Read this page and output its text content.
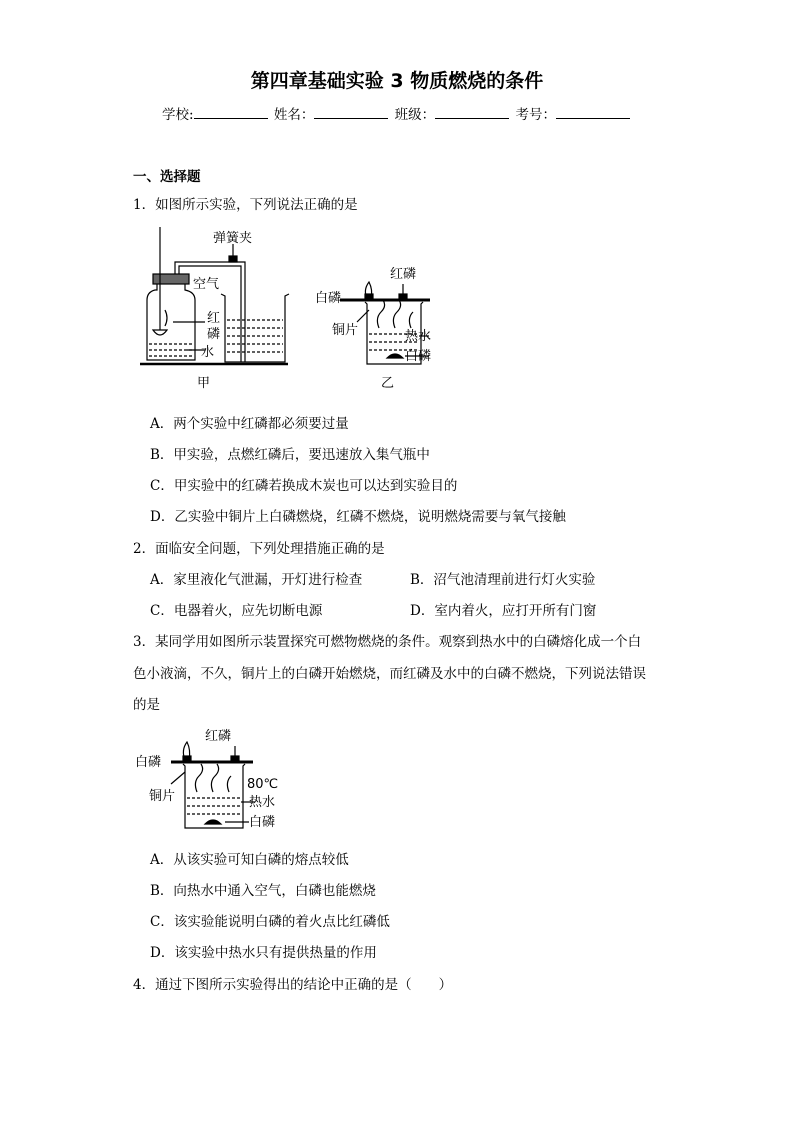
第四章基础实验 3 物质燃烧的条件
学校:	姓名：	班级：	考号：
一、选择题
1．如图所示实验，下列说法正确的是
弹簧夹
空气
红
磷
水
甲
红磷
白磷
铜片	热水
白磷
乙
A．两个实验中红磷都必须要过量
B．甲实验，点燃红磷后，要迅速放入集气瓶中
C．甲实验中的红磷若换成木炭也可以达到实验目的
D．乙实验中铜片上白磷燃烧，红磷不燃烧，说明燃烧需要与氧气接触
2．面临安全问题，下列处理措施正确的是
A．家里液化气泄漏，开灯进行检查	B．沼气池清理前进行灯火实验
C．电器着火，应先切断电源	D．室内着火，应打开所有门窗
3．某同学用如图所示装置探究可燃物燃烧的条件。观察到热水中的白磷熔化成一个白
色小液滴，不久，铜片上的白磷开始燃烧，而红磷及水中的白磷不燃烧，下列说法错误
的是
红磷
白磷
80℃
铜片	热水
白磷
A．从该实验可知白磷的熔点较低
B．向热水中通入空气，白磷也能燃烧
C．该实验能说明白磷的着火点比红磷低
D．该实验中热水只有提供热量的作用
4．通过下图所示实验得出的结论中正确的是（　　）
